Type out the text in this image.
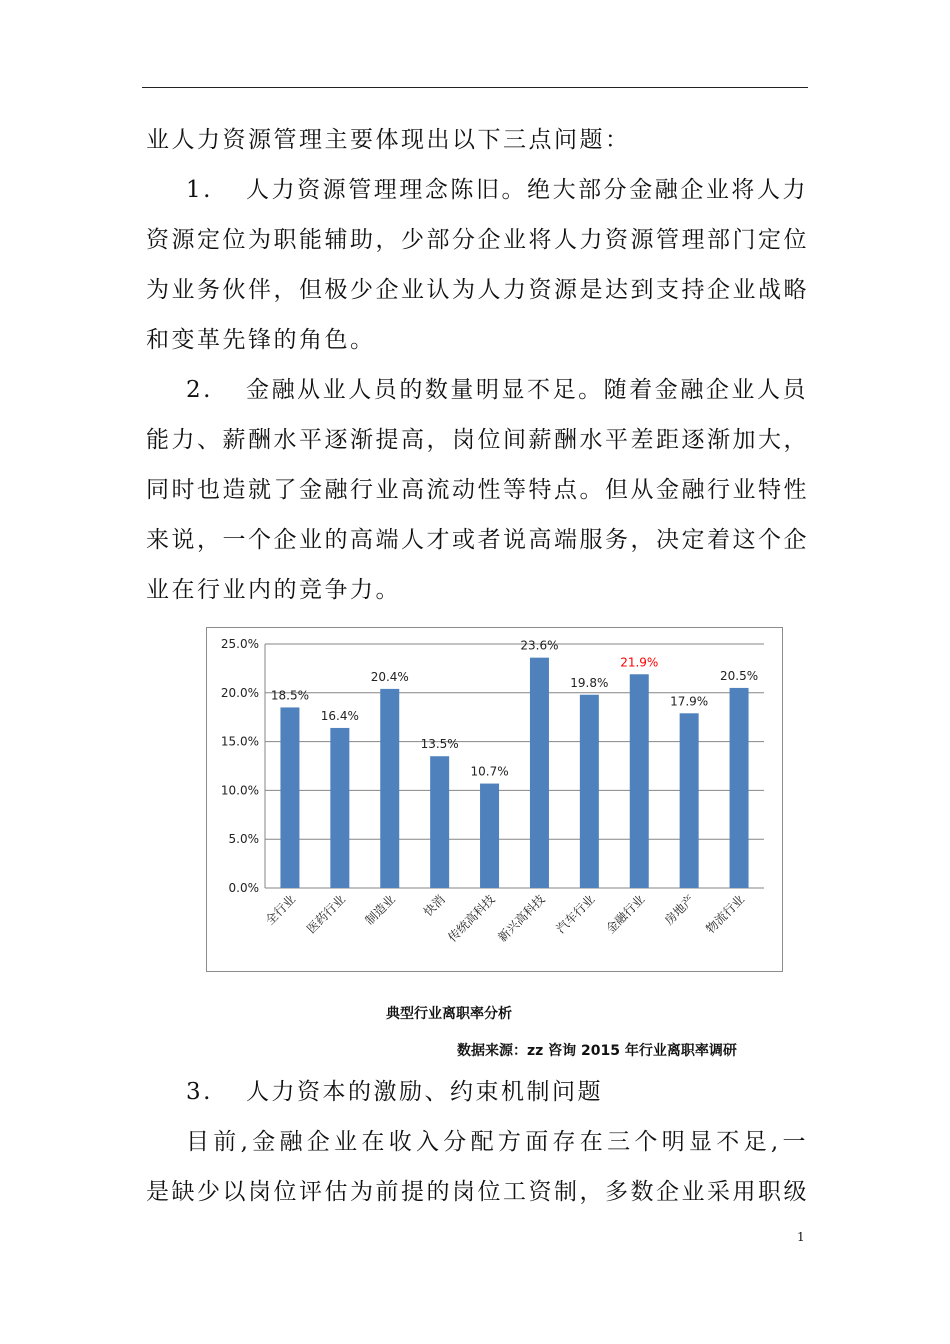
业人力资源管理主要体现出以下三点问题：
1. 人力资源管理理念陈旧。绝大部分金融企业将人力
资源定位为职能辅助，少部分企业将人力资源管理部门定位
为业务伙伴，但极少企业认为人力资源是达到支持企业战略
和变革先锋的角色。
2. 金融从业人员的数量明显不足。随着金融企业人员
能力、薪酬水平逐渐提高，岗位间薪酬水平差距逐渐加大，
同时也造就了金融行业高流动性等特点。但从金融行业特性
来说，一个企业的高端人才或者说高端服务，决定着这个企
业在行业内的竞争力。
0.0%
5.0%
10.0%
15.0%
20.0%
25.0%
18.5%
全行业
16.4%
医药行业
20.4%
制造业
13.5%
快消
10.7%
传统高科技
23.6%
新兴高科技
19.8%
汽车行业
21.9%
金融行业
17.9%
房地产
20.5%
物流行业
典型行业离职率分析
数据来源：zz 咨询 2015 年行业离职率调研
3. 人力资本的激励、约束机制问题
目前,金融企业在收入分配方面存在三个明显不足,一
是缺少以岗位评估为前提的岗位工资制，多数企业采用职级
1
